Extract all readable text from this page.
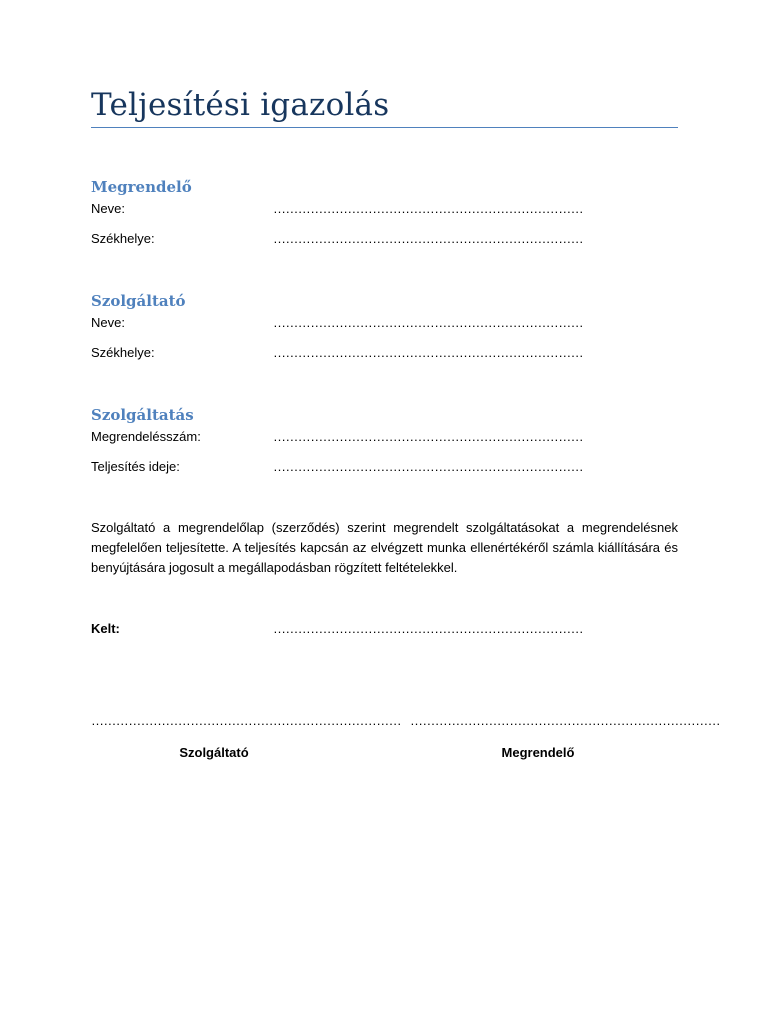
Teljesítési igazolás
Megrendelő
Neve:	…………………………………………………………………
Székhelye:	…………………………………………………………………
Szolgáltató
Neve:	…………………………………………………………………
Székhelye:	…………………………………………………………………
Szolgáltatás
Megrendelésszám:	…………………………………………………………………
Teljesítés ideje:	…………………………………………………………………
Szolgáltató a megrendelőlap (szerződés) szerint megrendelt szolgáltatásokat a megrendelésnek megfelelően teljesítette. A teljesítés kapcsán az elvégzett munka ellenértékéről számla kiállítására és benyújtására jogosult a megállapodásban rögzített feltételekkel.
Kelt:	…………………………………………………………………
………………………………………………………………… …………………………………………………………………
Szolgáltató	Megrendelő
